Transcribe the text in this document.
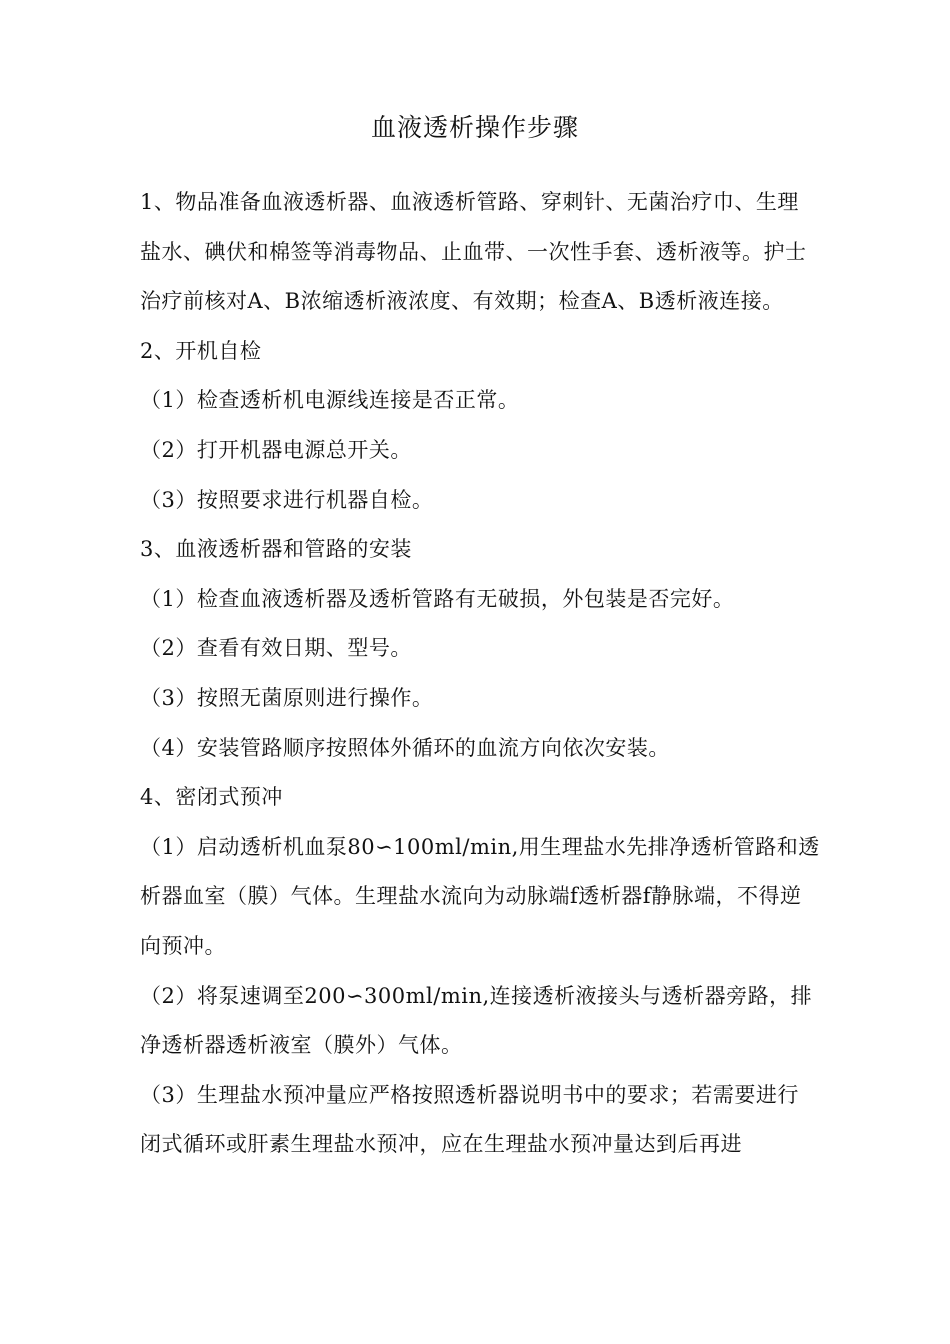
血液透析操作步骤

1、物品准备血液透析器、血液透析管路、穿刺针、无菌治疗巾、生理盐水、碘伏和棉签等消毒物品、止血带、一次性手套、透析液等。护士治疗前核对A、B浓缩透析液浓度、有效期；检查A、B透析液连接。

2、开机自检

（1）检查透析机电源线连接是否正常。

（2）打开机器电源总开关。

（3）按照要求进行机器自检。

3、血液透析器和管路的安装

（1）检查血液透析器及透析管路有无破损，外包装是否完好。

（2）查看有效日期、型号。

（3）按照无菌原则进行操作。

（4）安装管路顺序按照体外循环的血流方向依次安装。

4、密闭式预冲

（1）启动透析机血泵80∽100ml/min,用生理盐水先排净透析管路和透析器血室（膜）气体。生理盐水流向为动脉端f透析器f静脉端，不得逆向预冲。

（2）将泵速调至200∽300ml/min,连接透析液接头与透析器旁路，排净透析器透析液室（膜外）气体。

（3）生理盐水预冲量应严格按照透析器说明书中的要求；若需要进行闭式循环或肝素生理盐水预冲，应在生理盐水预冲量达到后再进
